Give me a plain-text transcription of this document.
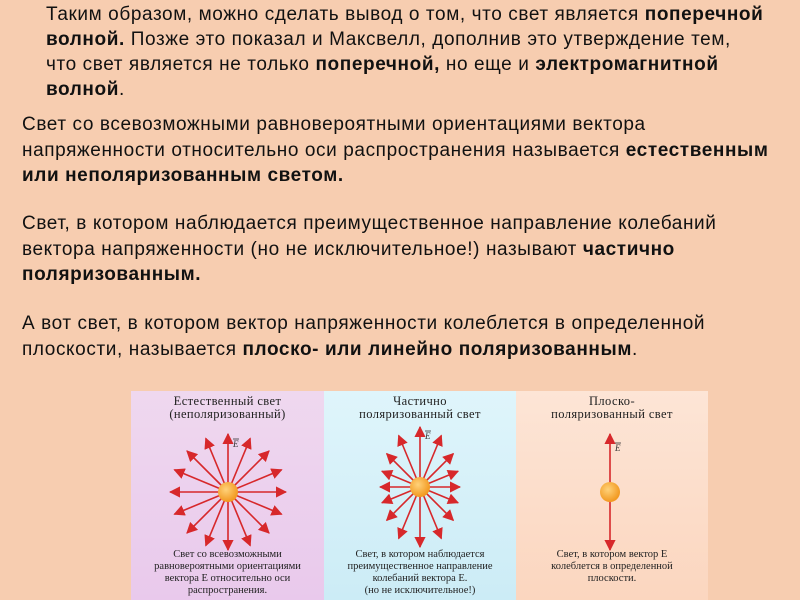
Таким образом, можно сделать вывод о том, что свет является поперечной волной. Позже это показал и Максвелл, дополнив это утверждение тем, что свет является не только поперечной, но еще и электромагнитной волной.
Свет со всевозможными равновероятными ориентациями вектора напряженности относительно оси распространения называется естественным или неполяризованным светом.
Свет, в котором наблюдается преимущественное направление колебаний вектора напряженности (но не исключительное!) называют частично поляризованным.
А вот свет, в котором вектор напряженности колеблется в определенной плоскости, называется плоско- или линейно поляризованным.
Естественный свет
(неполяризованный)
E
Свет со всевозможными
равновероятными ориентациями
вектора E относительно оси
распространения.
Частично
поляризованный свет
E
Свет, в котором наблюдается
преимущественное направление
колебаний вектора E.
(но не исключительное!)
Плоско-
поляризованный свет
E
Свет, в котором вектор E
колеблется в определенной
плоскости.
